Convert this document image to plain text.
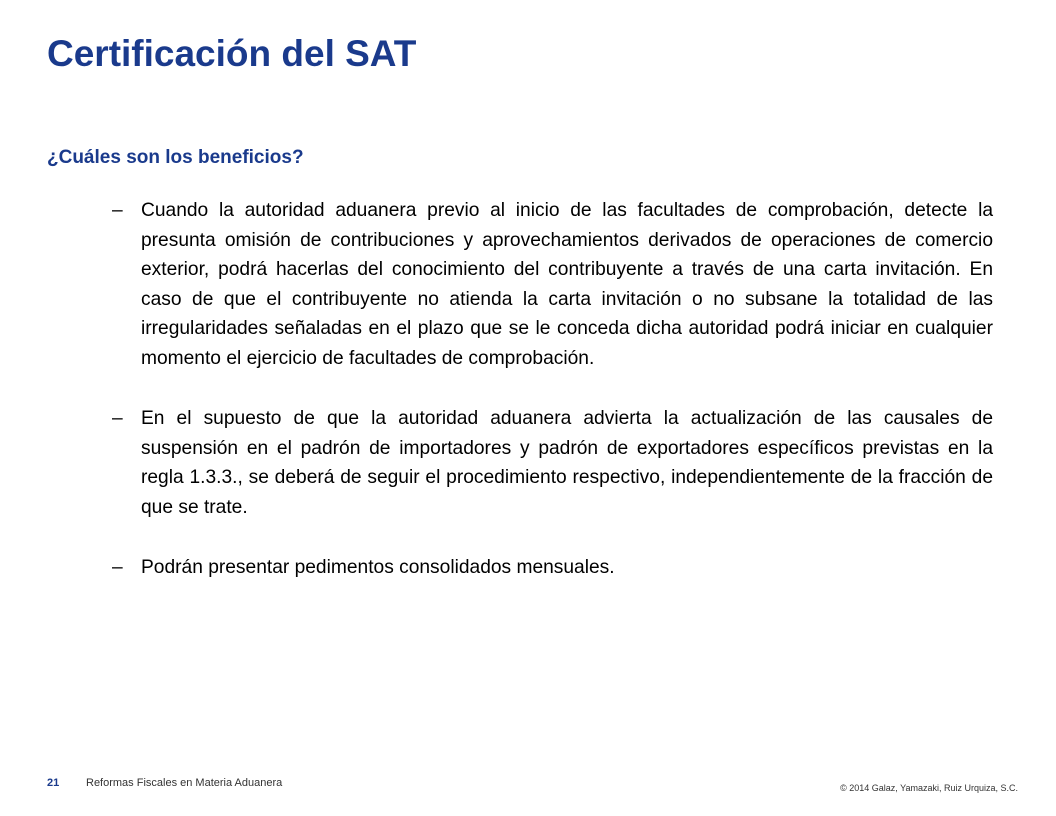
Certificación del SAT
¿Cuáles son los beneficios?
– Cuando la autoridad aduanera previo al inicio de las facultades de comprobación, detecte la presunta omisión de contribuciones y aprovechamientos derivados de operaciones de comercio exterior, podrá hacerlas del conocimiento del contribuyente a través de una carta invitación. En caso de que el contribuyente no atienda la carta invitación o no subsane la totalidad de las irregularidades señaladas en el plazo que se le conceda dicha autoridad podrá iniciar en cualquier momento el ejercicio de facultades de comprobación.
– En el supuesto de que la autoridad aduanera advierta la actualización de las causales de suspensión en el padrón de importadores y padrón de exportadores específicos previstas en la regla 1.3.3., se deberá de seguir el procedimiento respectivo, independientemente de la fracción de que se trate.
– Podrán presentar pedimentos consolidados mensuales.
21 Reformas Fiscales en Materia Aduanera	© 2014 Galaz, Yamazaki, Ruiz Urquiza, S.C.
